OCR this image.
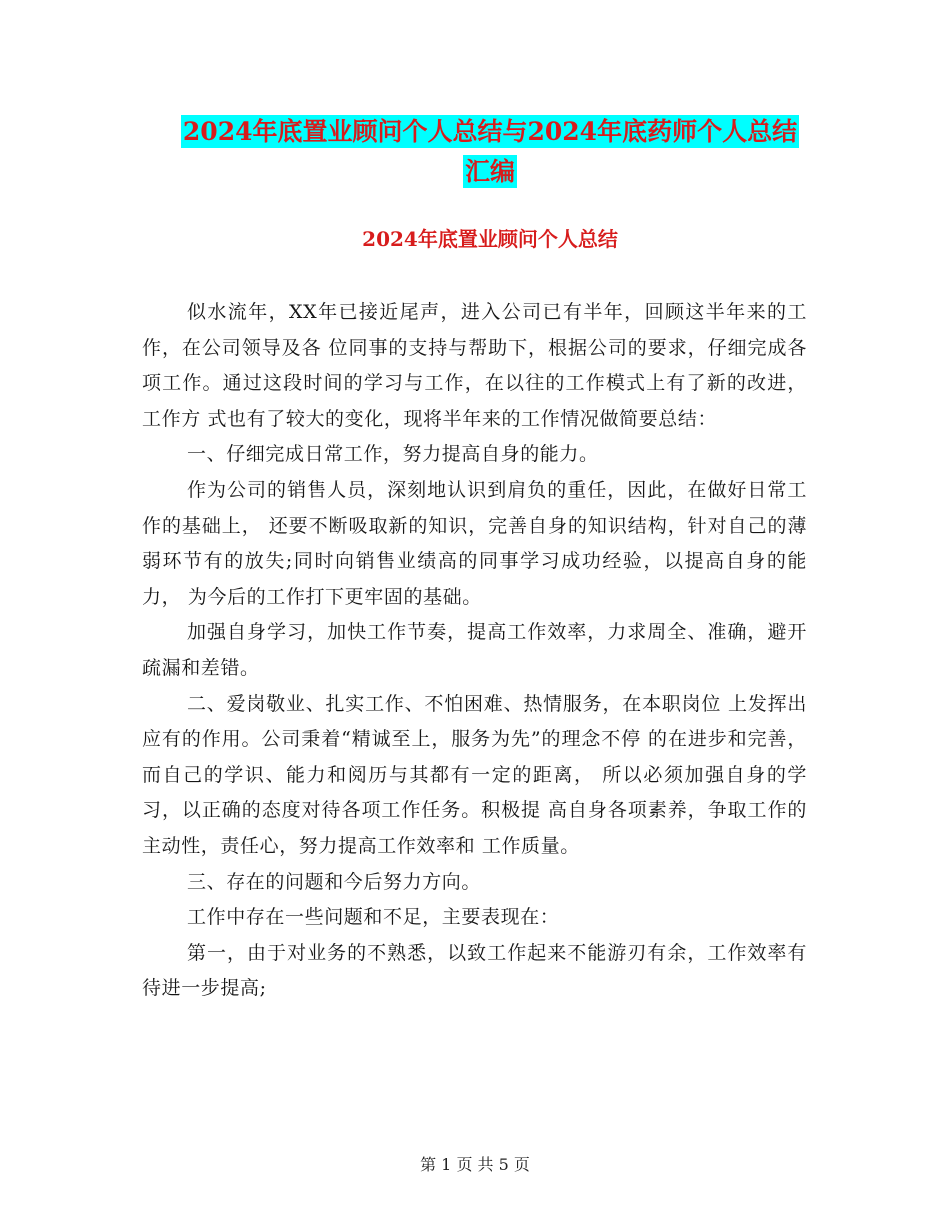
2024年底置业顾问个人总结与2024年底药师个人总结
汇编
2024年底置业顾问个人总结

似水流年，XX年已接近尾声，进入公司已有半年，回顾这半年来的工作，在公司领导及各 位同事的支持与帮助下，根据公司的要求，仔细完成各项工作。通过这段时间的学习与工作，在以往的工作模式上有了新的改进，工作方 式也有了较大的变化，现将半年来的工作情况做简要总结：

一、仔细完成日常工作，努力提高自身的能力。

作为公司的销售人员，深刻地认识到肩负的重任，因此，在做好日常工作的基础上， 还要不断吸取新的知识，完善自身的知识结构，针对自己的薄弱环节有的放失;同时向销售业绩高的同事学习成功经验，以提高自身的能 力， 为今后的工作打下更牢固的基础。

加强自身学习，加快工作节奏，提高工作效率，力求周全、准确，避开疏漏和差错。

二、爱岗敬业、扎实工作、不怕困难、热情服务，在本职岗位 上发挥出应有的作用。公司秉着“精诚至上，服务为先”的理念不停 的在进步和完善，而自己的学识、能力和阅历与其都有一定的距离， 所以必须加强自身的学习，以正确的态度对待各项工作任务。积极提 高自身各项素养，争取工作的主动性，责任心，努力提高工作效率和 工作质量。

三、存在的问题和今后努力方向。

工作中存在一些问题和不足，主要表现在：

第一，由于对业务的不熟悉，以致工作起来不能游刃有余，工作效率有待进一步提高;

第 1 页 共 5 页
